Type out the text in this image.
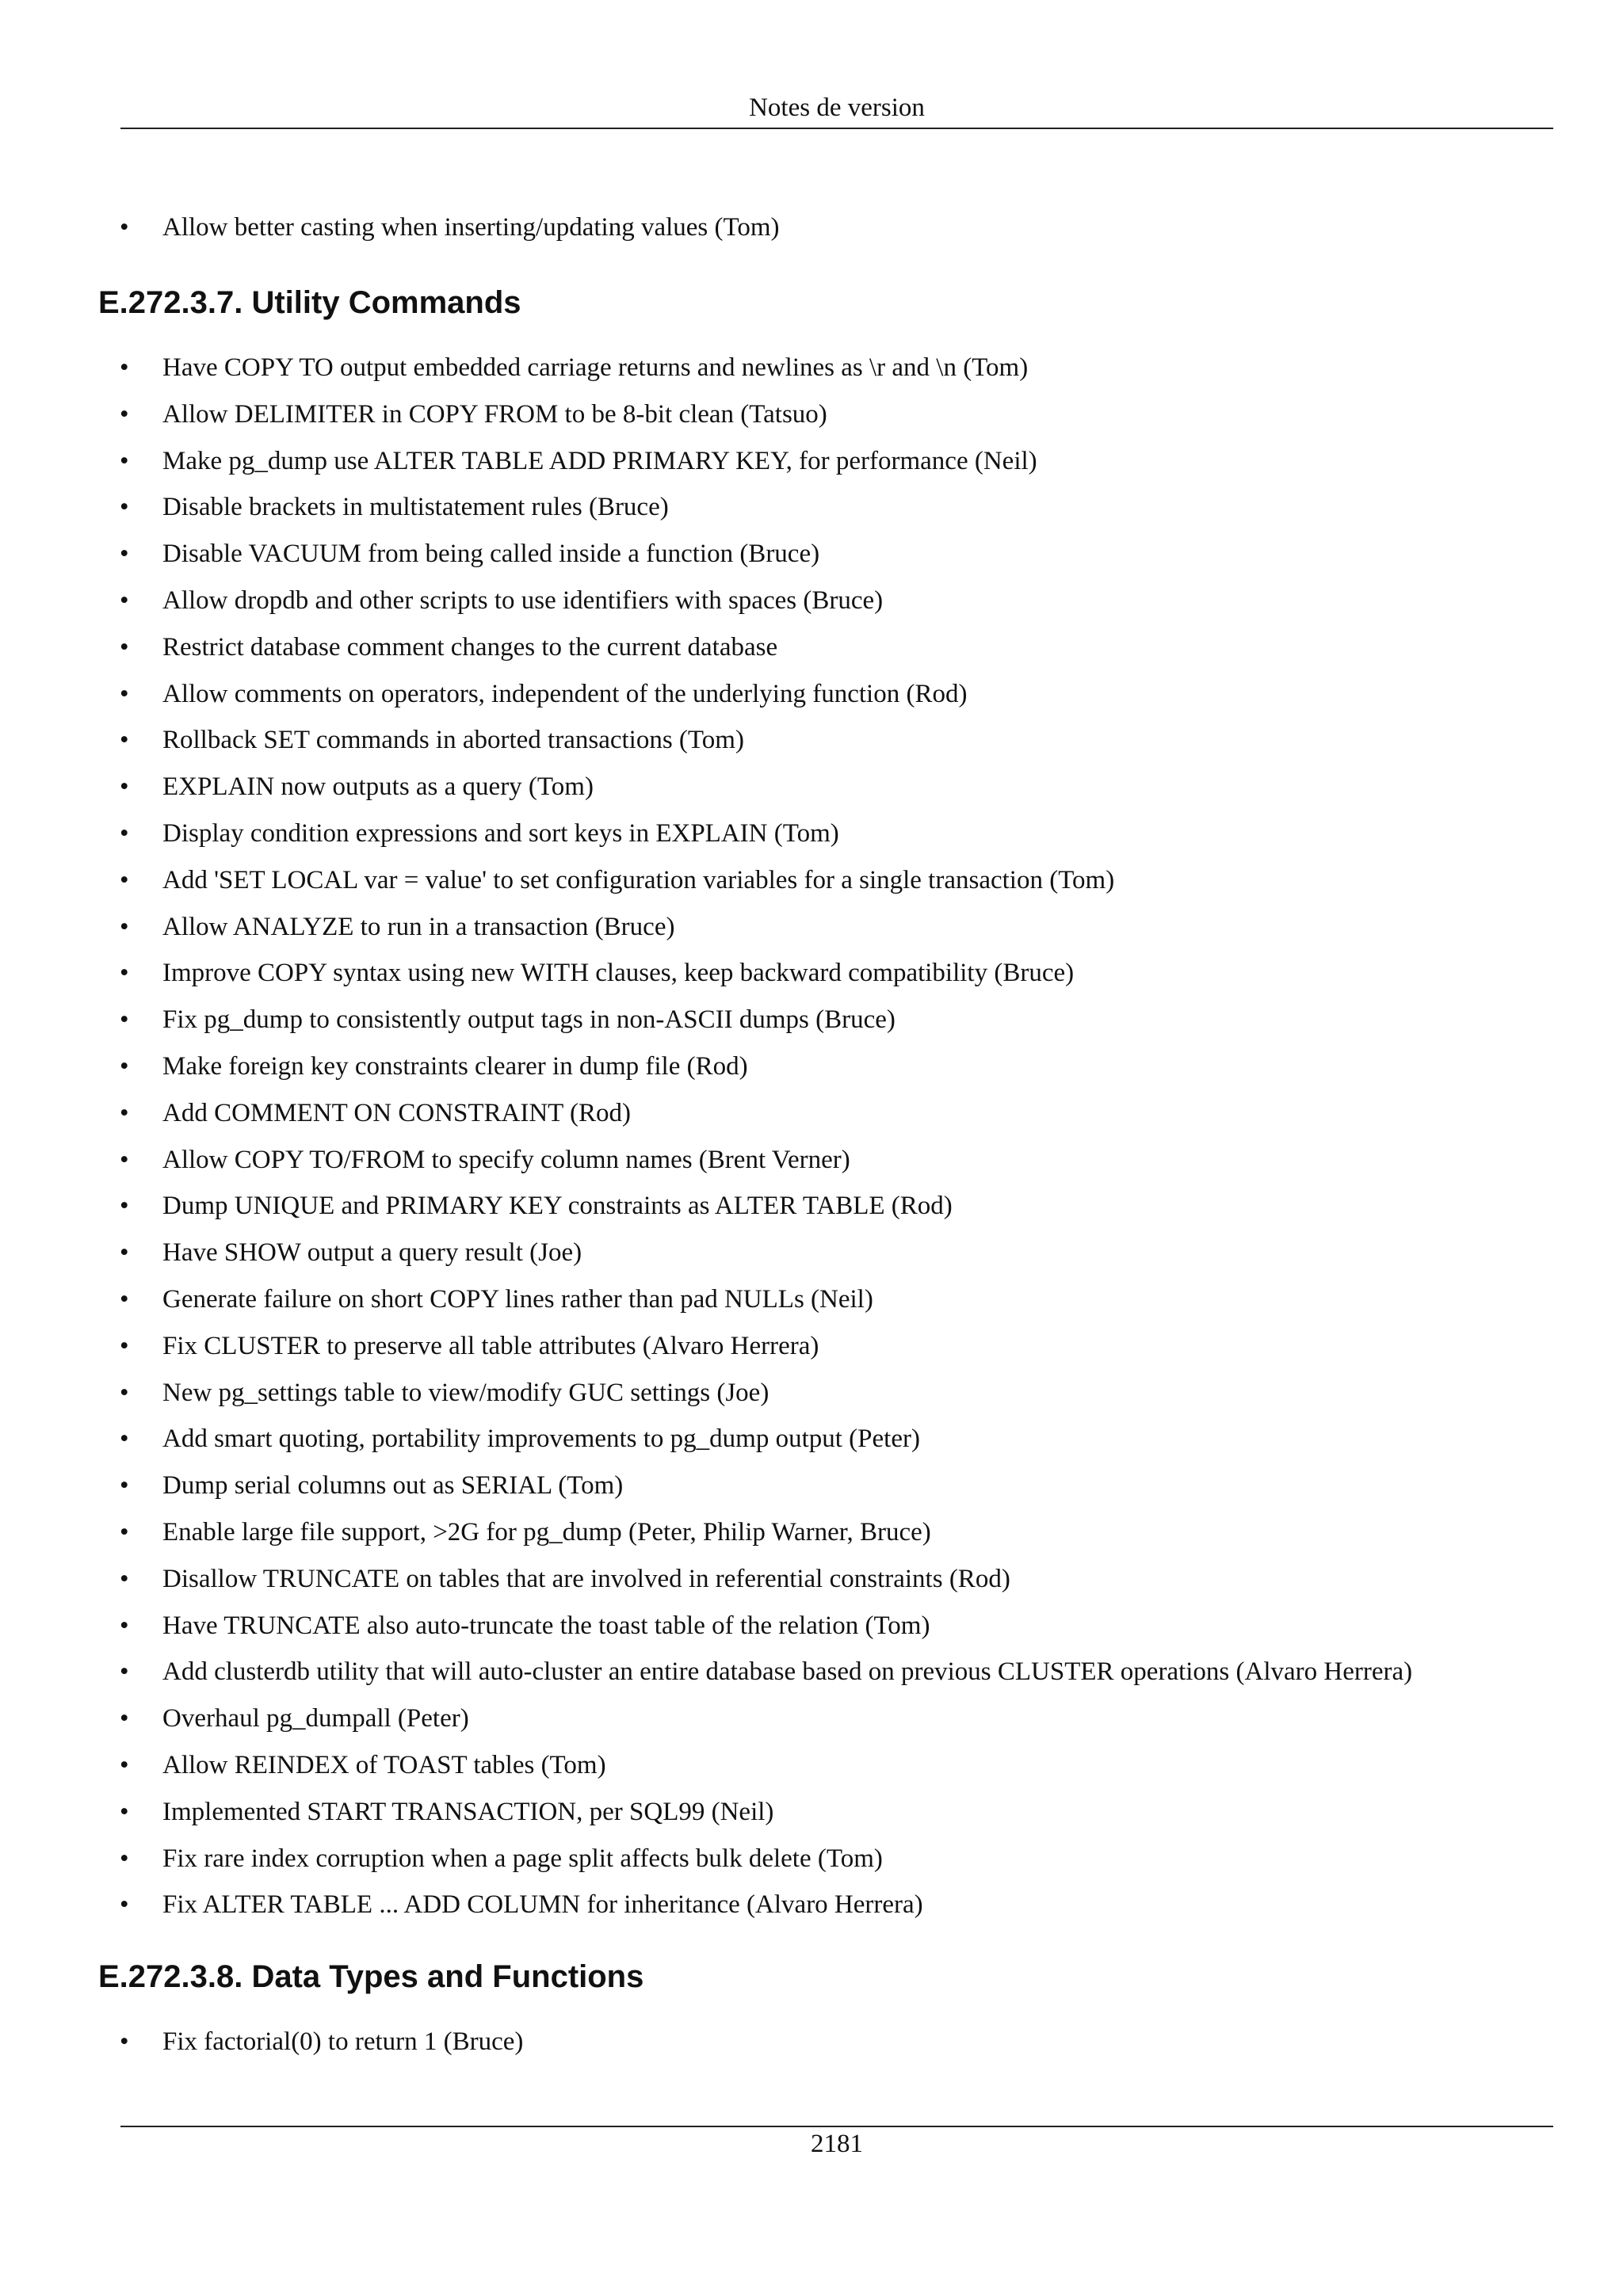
Notes de version
• Allow better casting when inserting/updating values (Tom)
E.272.3.7. Utility Commands
• Have COPY TO output embedded carriage returns and newlines as \r and \n (Tom)
• Allow DELIMITER in COPY FROM to be 8-bit clean (Tatsuo)
• Make pg_dump use ALTER TABLE ADD PRIMARY KEY, for performance (Neil)
• Disable brackets in multistatement rules (Bruce)
• Disable VACUUM from being called inside a function (Bruce)
• Allow dropdb and other scripts to use identifiers with spaces (Bruce)
• Restrict database comment changes to the current database
• Allow comments on operators, independent of the underlying function (Rod)
• Rollback SET commands in aborted transactions (Tom)
• EXPLAIN now outputs as a query (Tom)
• Display condition expressions and sort keys in EXPLAIN (Tom)
• Add 'SET LOCAL var = value' to set configuration variables for a single transaction (Tom)
• Allow ANALYZE to run in a transaction (Bruce)
• Improve COPY syntax using new WITH clauses, keep backward compatibility (Bruce)
• Fix pg_dump to consistently output tags in non-ASCII dumps (Bruce)
• Make foreign key constraints clearer in dump file (Rod)
• Add COMMENT ON CONSTRAINT (Rod)
• Allow COPY TO/FROM to specify column names (Brent Verner)
• Dump UNIQUE and PRIMARY KEY constraints as ALTER TABLE (Rod)
• Have SHOW output a query result (Joe)
• Generate failure on short COPY lines rather than pad NULLs (Neil)
• Fix CLUSTER to preserve all table attributes (Alvaro Herrera)
• New pg_settings table to view/modify GUC settings (Joe)
• Add smart quoting, portability improvements to pg_dump output (Peter)
• Dump serial columns out as SERIAL (Tom)
• Enable large file support, >2G for pg_dump (Peter, Philip Warner, Bruce)
• Disallow TRUNCATE on tables that are involved in referential constraints (Rod)
• Have TRUNCATE also auto-truncate the toast table of the relation (Tom)
• Add clusterdb utility that will auto-cluster an entire database based on previous CLUSTER operations (Alvaro Herrera)
• Overhaul pg_dumpall (Peter)
• Allow REINDEX of TOAST tables (Tom)
• Implemented START TRANSACTION, per SQL99 (Neil)
• Fix rare index corruption when a page split affects bulk delete (Tom)
• Fix ALTER TABLE ... ADD COLUMN for inheritance (Alvaro Herrera)
E.272.3.8. Data Types and Functions
• Fix factorial(0) to return 1 (Bruce)
2181
